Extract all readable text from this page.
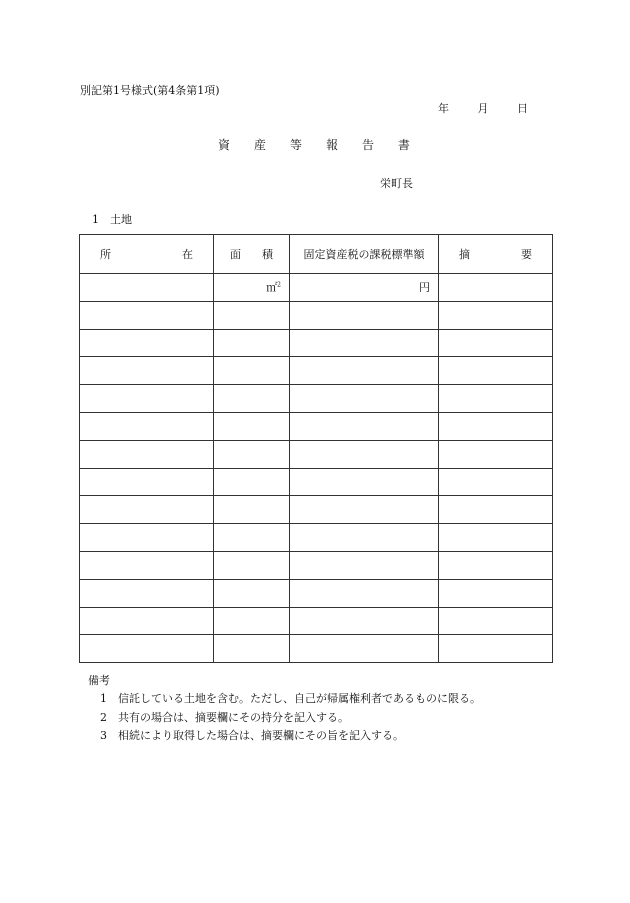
別記第1号様式(第4条第1項)
年	月	日
資 産 等 報 告 書
栄町長
1 土地
所 在	面 積	固定資産税の課税標準額	摘 要

	㎡$^2$	円	

備考
1	信託している土地を含む。ただし、自己が帰属権利者であるものに限る。
2	共有の場合は、摘要欄にその持分を記入する。
3	相続により取得した場合は、摘要欄にその旨を記入する。
